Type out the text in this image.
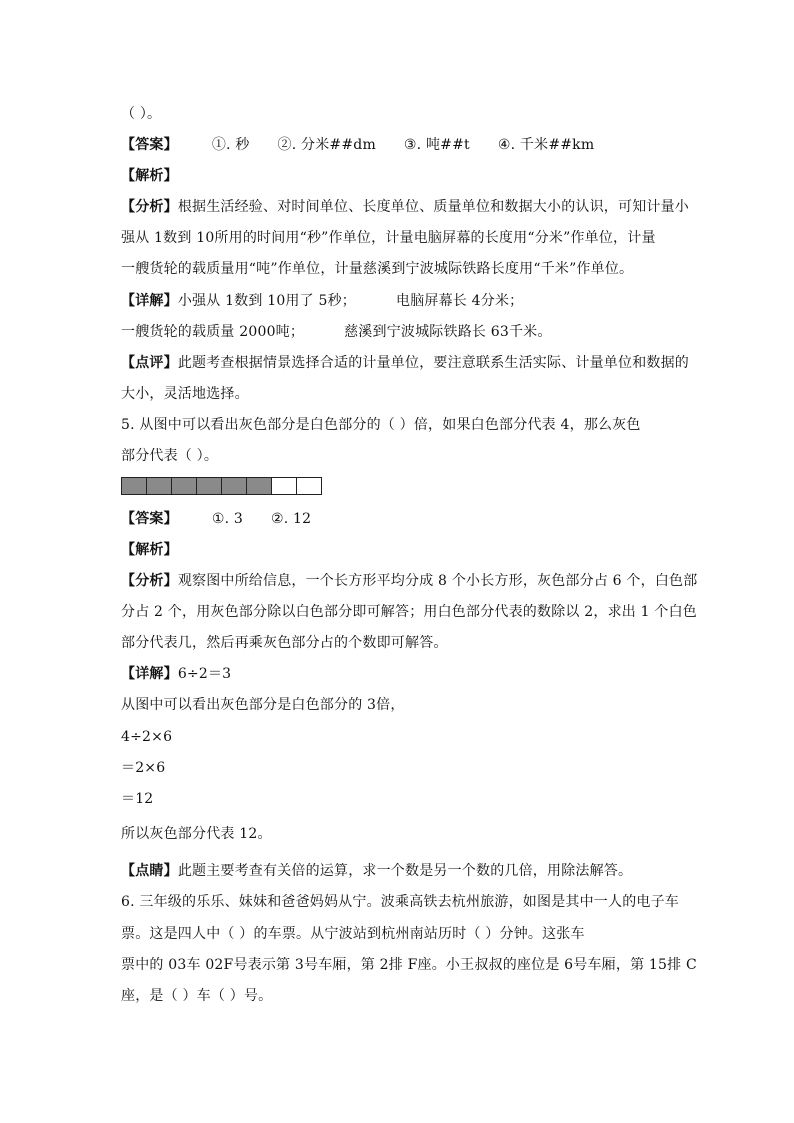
（ ）。
【答案】 ①. 秒 ②. 分米##dm ③. 吨##t ④. 千米##km
【解析】
【分析】根据生活经验、对时间单位、长度单位、质量单位和数据大小的认识，可知计量小
强从 1数到 10所用的时间用“秒”作单位，计量电脑屏幕的长度用“分米”作单位，计量
一艘货轮的载质量用“吨”作单位，计量慈溪到宁波城际铁路长度用“千米”作单位。
【详解】小强从 1数到 10用了 5秒；	电脑屏幕长 4分米；
一艘货轮的载质量 2000吨；	慈溪到宁波城际铁路长 63千米。
【点评】此题考查根据情景选择合适的计量单位，要注意联系生活实际、计量单位和数据的
大小，灵活地选择。
5. 从图中可以看出灰色部分是白色部分的（ ）倍，如果白色部分代表 4，那么灰色
部分代表（ ）。
【答案】 ①. 3 ②. 12
【解析】
【分析】观察图中所给信息，一个长方形平均分成 8 个小长方形，灰色部分占 6 个，白色部
分占 2 个，用灰色部分除以白色部分即可解答；用白色部分代表的数除以 2，求出 1 个白色
部分代表几，然后再乘灰色部分占的个数即可解答。
【详解】6÷2＝3
从图中可以看出灰色部分是白色部分的 3倍，
4÷2×6
＝2×6
＝12
所以灰色部分代表 12。
【点睛】此题主要考查有关倍的运算，求一个数是另一个数的几倍，用除法解答。
6. 三年级的乐乐、妹妹和爸爸妈妈从宁。波乘高铁去杭州旅游，如图是其中一人的电子车
票。这是四人中（ ）的车票。从宁波站到杭州南站历时（ ）分钟。这张车
票中的 03车 02F号表示第 3号车厢，第 2排 F座。小王叔叔的座位是 6号车厢，第 15排 C
座，是（ ）车（ ）号。
